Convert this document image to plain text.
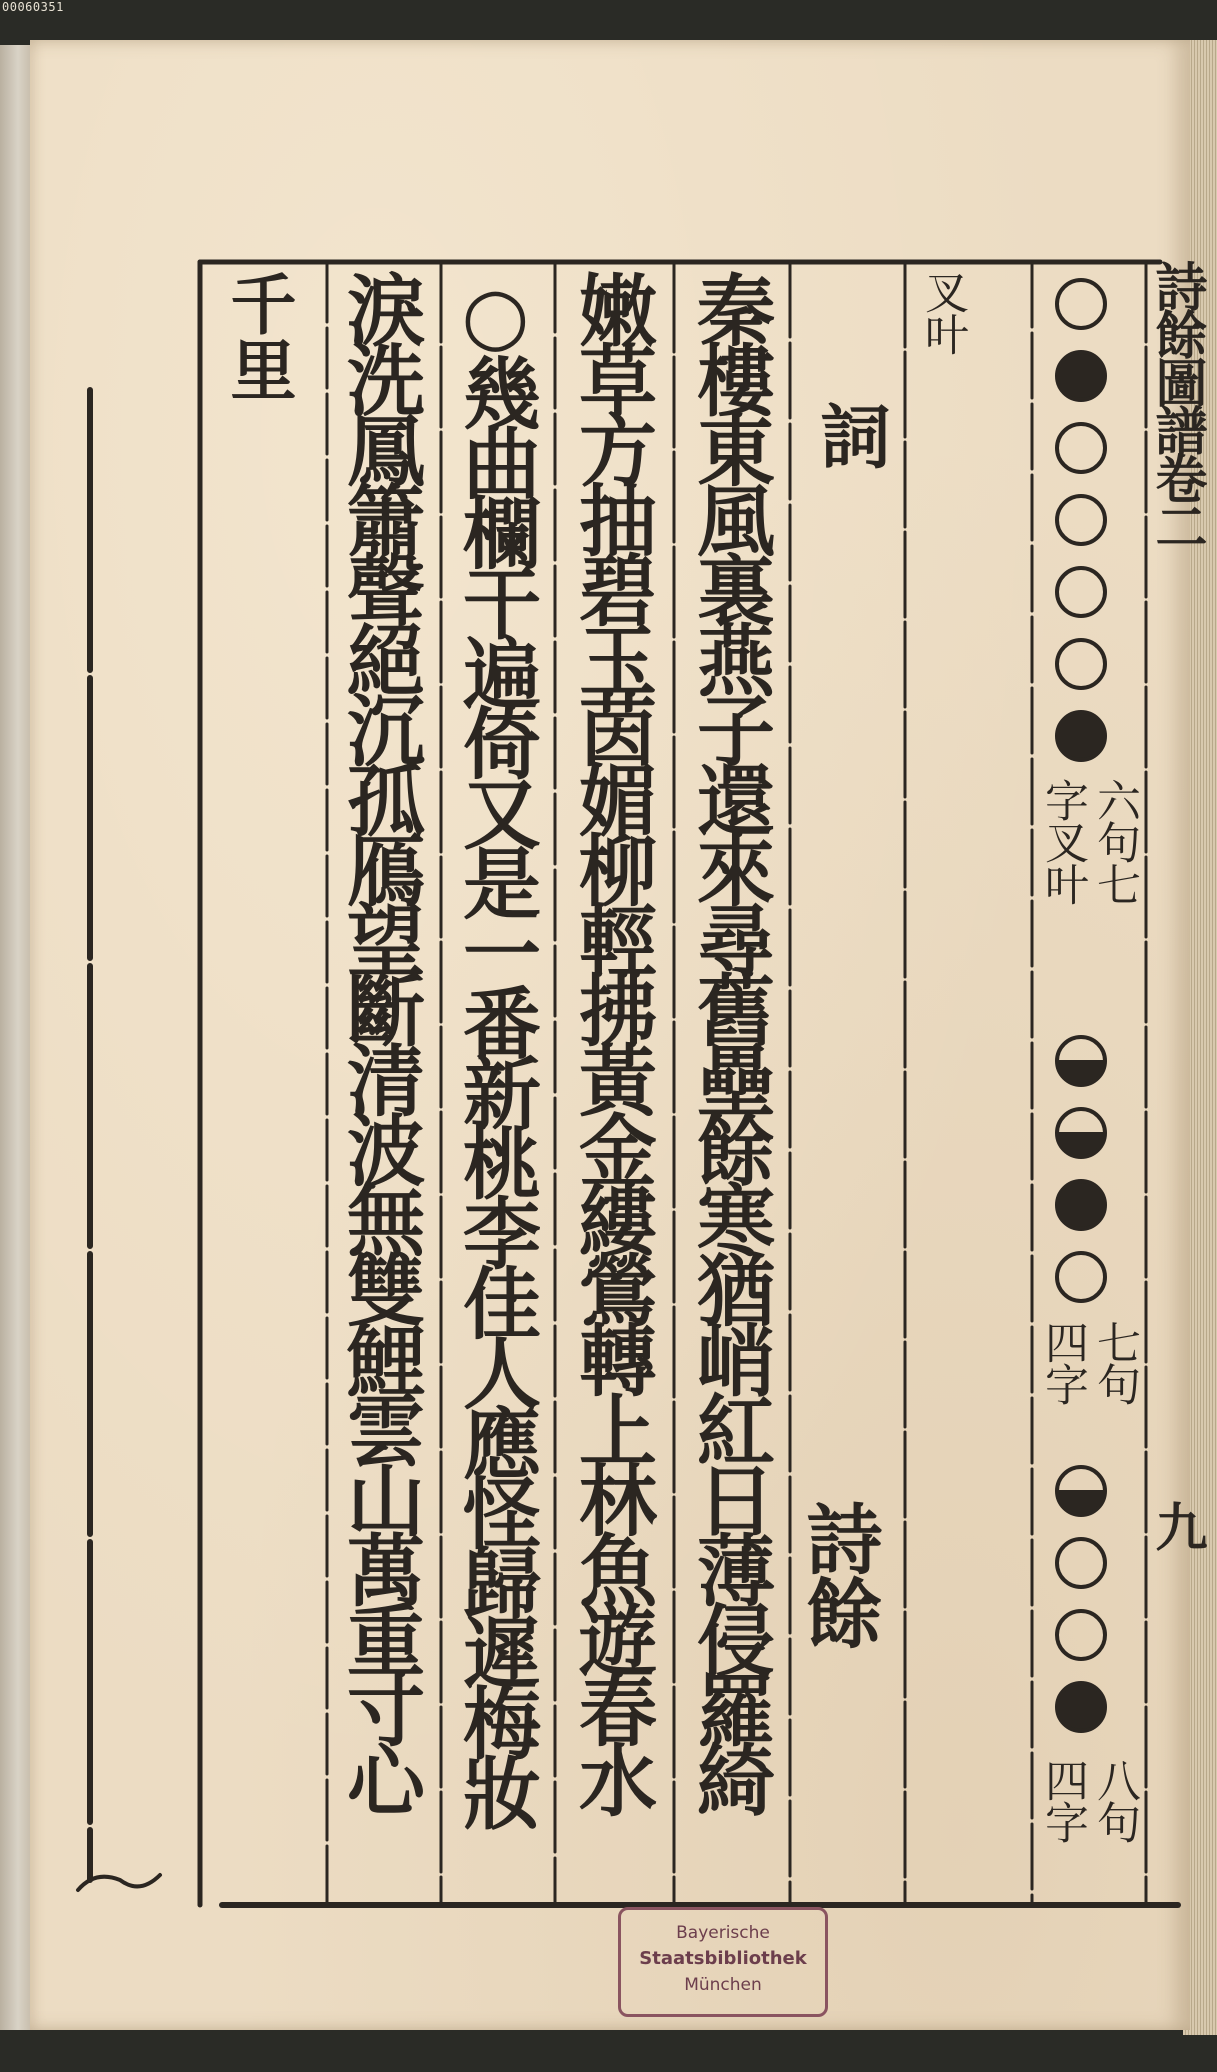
00060351
詩餘圖譜卷二
九
叉叶
詞
詩餘
秦樓東風裏燕子還來尋舊壘餘寒猶峭紅日薄侵羅綺
嫩草方抽碧玉茵媚柳輕拂黃金縷鶯轉上林魚遊春水
○幾曲欄干遍倚又是一番新桃李佳人應怪歸遲梅妝
淚洗鳳簫聲絕沉孤鴈望斷清波無雙鯉雲山萬重寸心
千里
六句七
字叉叶
七句
四字
八句
四字
Bayerische
Staatsbibliothek
München
